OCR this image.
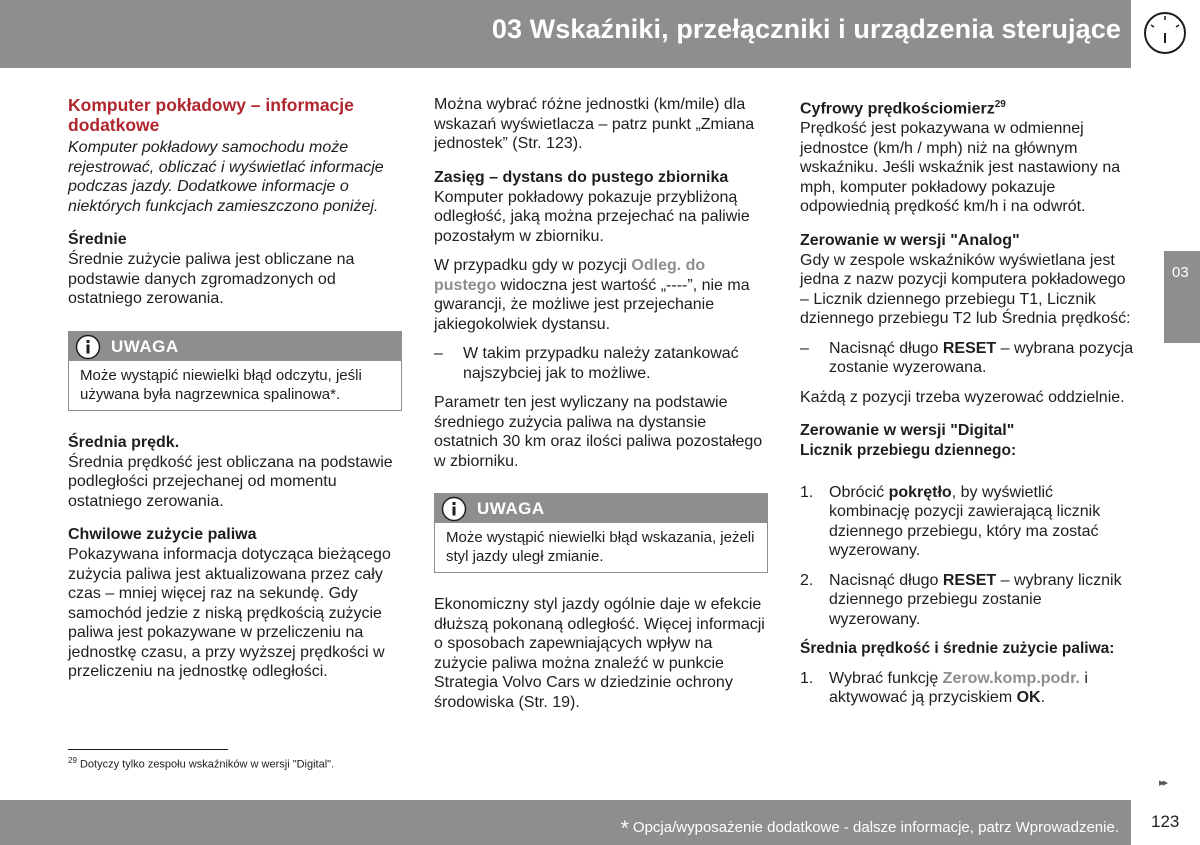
03 Wskaźniki, przełączniki i urządzenia sterujące
03
Komputer pokładowy – informacje dodatkowe

Komputer pokładowy samochodu może rejestrować, obliczać i wyświetlać informacje podczas jazdy. Dodatkowe informacje o niektórych funkcjach zamieszczono poniżej.

Średnie

Średnie zużycie paliwa jest obliczane na podstawie danych zgromadzonych od ostatniego zerowania.

UWAGA
Może wystąpić niewielki błąd odczytu, jeśli używana była nagrzewnica spalinowa*.
Średnia prędk.

Średnia prędkość jest obliczana na podstawie podległości przejechanej od momentu ostatniego zerowania.

Chwilowe zużycie paliwa

Pokazywana informacja dotycząca bieżącego zużycia paliwa jest aktualizowana przez cały czas – mniej więcej raz na sekundę. Gdy samochód jedzie z niską prędkością zużycie paliwa jest pokazywane w przeliczeniu na jednostkę czasu, a przy wyższej prędkości w przeliczeniu na jednostkę odległości.

Można wybrać różne jednostki (km/mile) dla wskazań wyświetlacza – patrz punkt „Zmiana jednostek” (Str. 123).

Zasięg – dystans do pustego zbiornika

Komputer pokładowy pokazuje przybliżoną odległość, jaką można przejechać na paliwie pozostałym w zbiorniku.

W przypadku gdy w pozycji Odleg. do pustego widoczna jest wartość „----”, nie ma gwarancji, że możliwe jest przejechanie jakiegokolwiek dystansu.

– W takim przypadku należy zatankować najszybciej jak to możliwe.

Parametr ten jest wyliczany na podstawie średniego zużycia paliwa na dystansie ostatnich 30 km oraz ilości paliwa pozostałego w zbiorniku.

UWAGA
Może wystąpić niewielki błąd wskazania, jeżeli styl jazdy uległ zmianie.

Ekonomiczny styl jazdy ogólnie daje w efekcie dłuższą pokonaną odległość. Więcej informacji o sposobach zapewniających wpływ na zużycie paliwa można znaleźć w punkcie Strategia Volvo Cars w dziedzinie ochrony środowiska (Str. 19).

Cyfrowy prędkościomierz$^{29}$

Prędkość jest pokazywana w odmiennej jednostce (km/h / mph) niż na głównym wskaźniku. Jeśli wskaźnik jest nastawiony na mph, komputer pokładowy pokazuje odpowiednią prędkość km/h i na odwrót.

Zerowanie w wersji "Analog"

Gdy w zespole wskaźników wyświetlana jest jedna z nazw pozycji komputera pokładowego – Licznik dziennego przebiegu T1, Licznik dziennego przebiegu T2 lub Średnia prędkość:

– Nacisnąć długo RESET – wybrana pozycja zostanie wyzerowana.

Każdą z pozycji trzeba wyzerować oddzielnie.

Zerowanie w wersji "Digital"
Licznik przebiegu dziennego:
1. Obrócić pokrętło, by wyświetlić kombinację pozycji zawierającą licznik dziennego przebiegu, który ma zostać wyzerowany.
2. Nacisnąć długo RESET – wybrany licznik dziennego przebiegu zostanie wyzerowany.
Średnia prędkość i średnie zużycie paliwa:
1. Wybrać funkcję Zerow.komp.podr. i aktywować ją przyciskiem OK.
$^{29}$ Dotyczy tylko zespołu wskaźników w wersji "Digital".
▸▸
* Opcja/wyposażenie dodatkowe - dalsze informacje, patrz Wprowadzenie. 123
